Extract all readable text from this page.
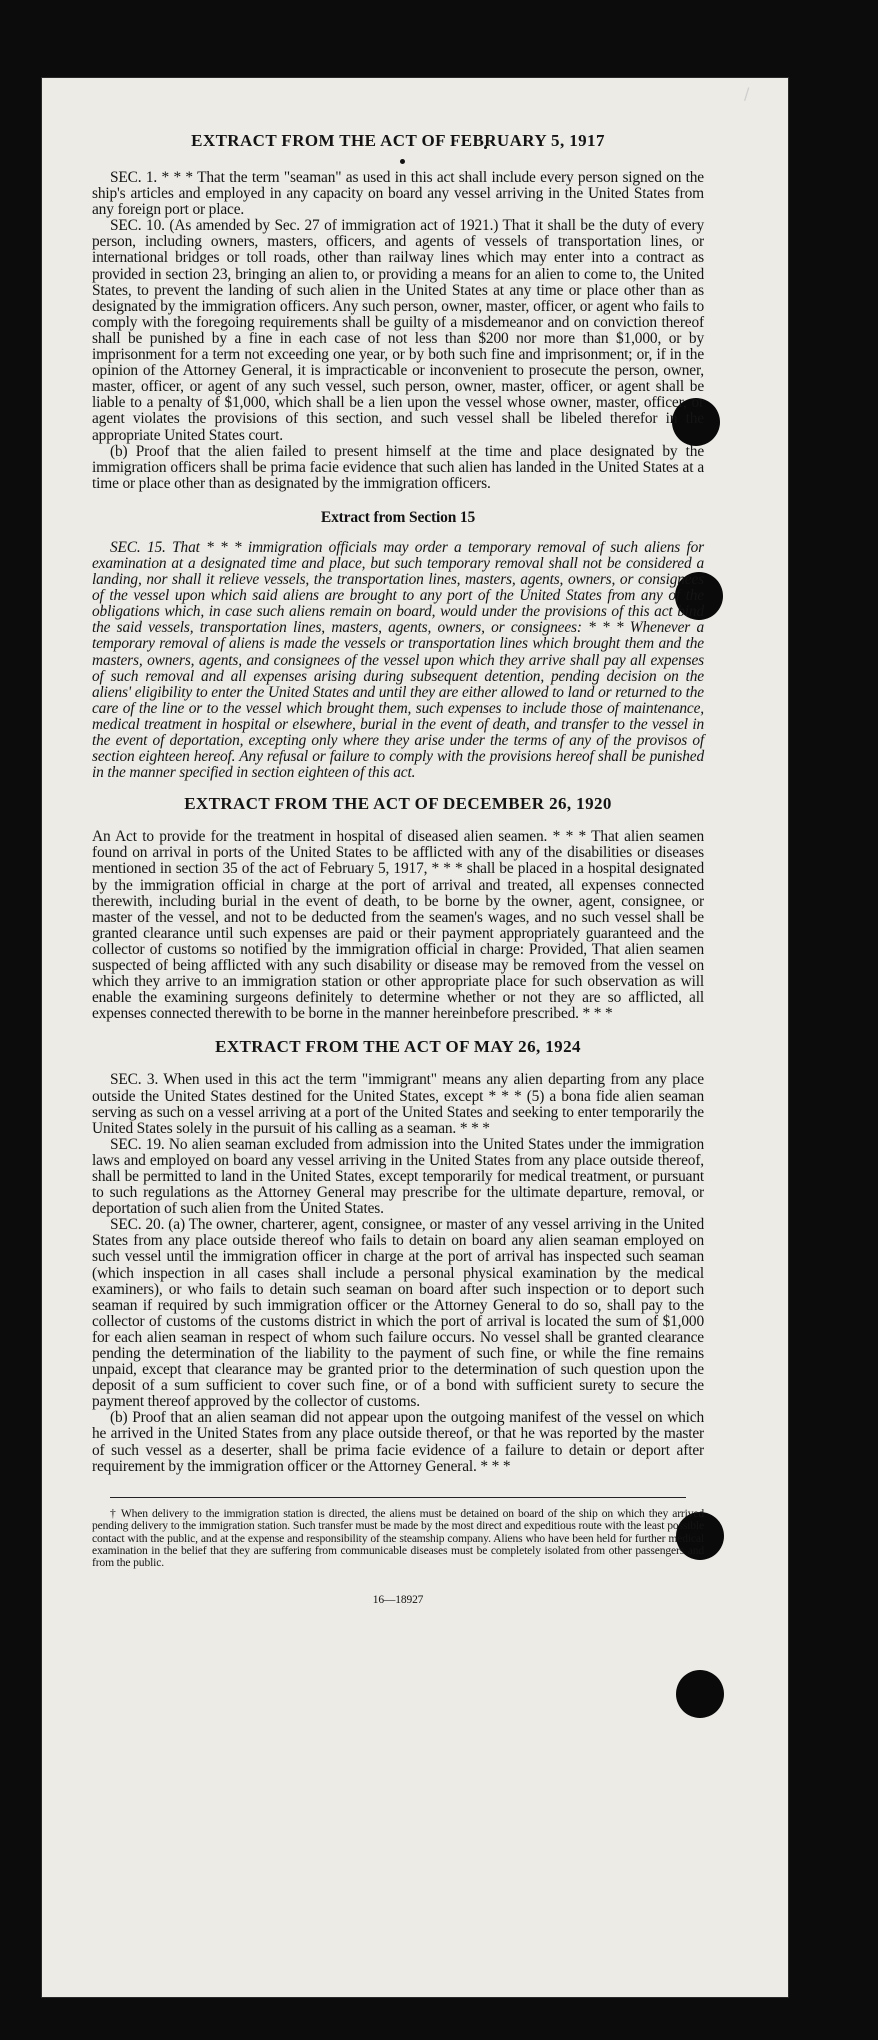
/
EXTRACT FROM THE ACT OF FEBRUARY 5, 1917

SEC. 1. * * * That the term "seaman" as used in this act shall include every person signed on the ship's articles and employed in any capacity on board any vessel arriving in the United States from any foreign port or place.

SEC. 10. (As amended by Sec. 27 of immigration act of 1921.) That it shall be the duty of every person, including owners, masters, officers, and agents of vessels of transportation lines, or international bridges or toll roads, other than railway lines which may enter into a contract as provided in section 23, bringing an alien to, or providing a means for an alien to come to, the United States, to prevent the landing of such alien in the United States at any time or place other than as designated by the immigration officers. Any such person, owner, master, officer, or agent who fails to comply with the foregoing requirements shall be guilty of a misdemeanor and on conviction thereof shall be punished by a fine in each case of not less than $200 nor more than $1,000, or by imprisonment for a term not exceeding one year, or by both such fine and imprisonment; or, if in the opinion of the Attorney General, it is impracticable or inconvenient to prosecute the person, owner, master, officer, or agent of any such vessel, such person, owner, master, officer, or agent shall be liable to a penalty of $1,000, which shall be a lien upon the vessel whose owner, master, officer, or agent violates the provisions of this section, and such vessel shall be libeled therefor in the appropriate United States court.

(b) Proof that the alien failed to present himself at the time and place designated by the immigration officers shall be prima facie evidence that such alien has landed in the United States at a time or place other than as designated by the immigration officers.

Extract from Section 15

SEC. 15. That * * * immigration officials may order a temporary removal of such aliens for examination at a designated time and place, but such temporary removal shall not be considered a landing, nor shall it relieve vessels, the transportation lines, masters, agents, owners, or consignees of the vessel upon which said aliens are brought to any port of the United States from any of the obligations which, in case such aliens remain on board, would under the provisions of this act bind the said vessels, transportation lines, masters, agents, owners, or consignees: * * * Whenever a temporary removal of aliens is made the vessels or transportation lines which brought them and the masters, owners, agents, and consignees of the vessel upon which they arrive shall pay all expenses of such removal and all expenses arising during subsequent detention, pending decision on the aliens' eligibility to enter the United States and until they are either allowed to land or returned to the care of the line or to the vessel which brought them, such expenses to include those of maintenance, medical treatment in hospital or elsewhere, burial in the event of death, and transfer to the vessel in the event of deportation, excepting only where they arise under the terms of any of the provisos of section eighteen hereof. Any refusal or failure to comply with the provisions hereof shall be punished in the manner specified in section eighteen of this act.

EXTRACT FROM THE ACT OF DECEMBER 26, 1920

An Act to provide for the treatment in hospital of diseased alien seamen. * * * That alien seamen found on arrival in ports of the United States to be afflicted with any of the disabilities or diseases mentioned in section 35 of the act of February 5, 1917, * * * shall be placed in a hospital designated by the immigration official in charge at the port of arrival and treated, all expenses connected therewith, including burial in the event of death, to be borne by the owner, agent, consignee, or master of the vessel, and not to be deducted from the seamen's wages, and no such vessel shall be granted clearance until such expenses are paid or their payment appropriately guaranteed and the collector of customs so notified by the immigration official in charge: Provided, That alien seamen suspected of being afflicted with any such disability or disease may be removed from the vessel on which they arrive to an immigration station or other appropriate place for such observation as will enable the examining surgeons definitely to determine whether or not they are so afflicted, all expenses connected therewith to be borne in the manner hereinbefore prescribed. * * *

EXTRACT FROM THE ACT OF MAY 26, 1924

SEC. 3. When used in this act the term "immigrant" means any alien departing from any place outside the United States destined for the United States, except * * * (5) a bona fide alien seaman serving as such on a vessel arriving at a port of the United States and seeking to enter temporarily the United States solely in the pursuit of his calling as a seaman. * * *

SEC. 19. No alien seaman excluded from admission into the United States under the immigration laws and employed on board any vessel arriving in the United States from any place outside thereof, shall be permitted to land in the United States, except temporarily for medical treatment, or pursuant to such regulations as the Attorney General may prescribe for the ultimate departure, removal, or deportation of such alien from the United States.

SEC. 20. (a) The owner, charterer, agent, consignee, or master of any vessel arriving in the United States from any place outside thereof who fails to detain on board any alien seaman employed on such vessel until the immigration officer in charge at the port of arrival has inspected such seaman (which inspection in all cases shall include a personal physical examination by the medical examiners), or who fails to detain such seaman on board after such inspection or to deport such seaman if required by such immigration officer or the Attorney General to do so, shall pay to the collector of customs of the customs district in which the port of arrival is located the sum of $1,000 for each alien seaman in respect of whom such failure occurs. No vessel shall be granted clearance pending the determination of the liability to the payment of such fine, or while the fine remains unpaid, except that clearance may be granted prior to the determination of such question upon the deposit of a sum sufficient to cover such fine, or of a bond with sufficient surety to secure the payment thereof approved by the collector of customs.

(b) Proof that an alien seaman did not appear upon the outgoing manifest of the vessel on which he arrived in the United States from any place outside thereof, or that he was reported by the master of such vessel as a deserter, shall be prima facie evidence of a failure to detain or deport after requirement by the immigration officer or the Attorney General. * * *

† When delivery to the immigration station is directed, the aliens must be detained on board of the ship on which they arrived pending delivery to the immigration station. Such transfer must be made by the most direct and expeditious route with the least possible contact with the public, and at the expense and responsibility of the steamship company. Aliens who have been held for further medical examination in the belief that they are suffering from communicable diseases must be completely isolated from other passengers and from the public.

16—18927
